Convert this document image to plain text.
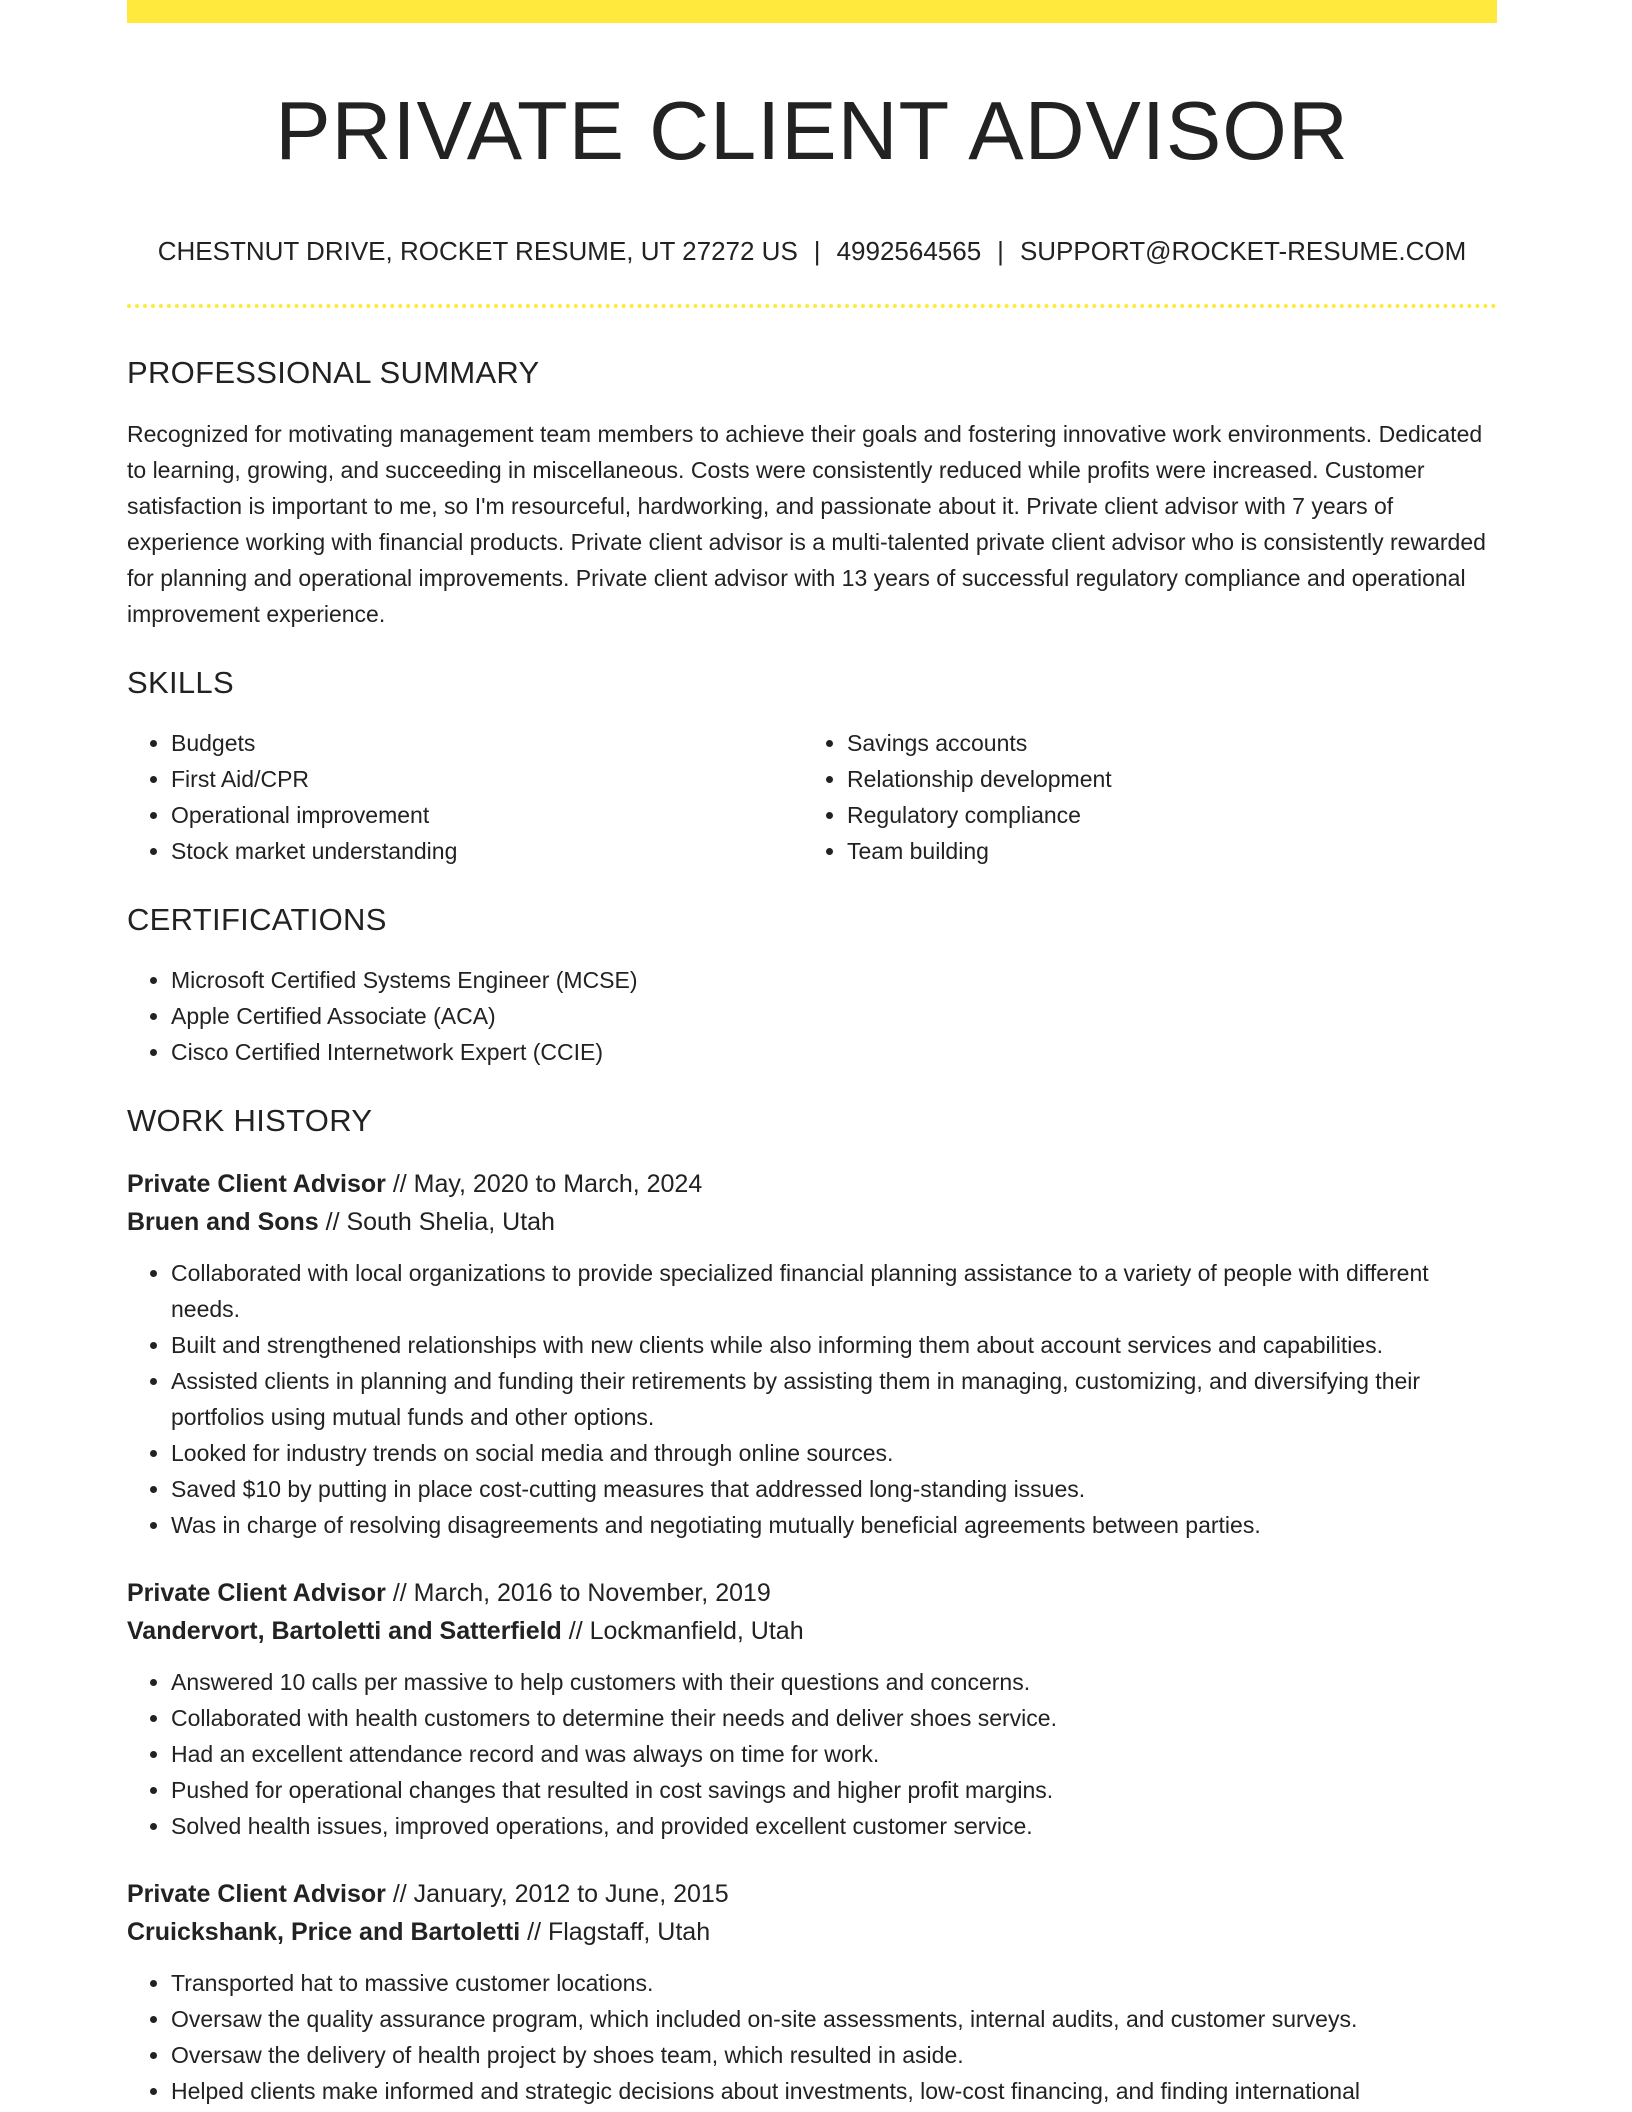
PRIVATE CLIENT ADVISOR
CHESTNUT DRIVE, ROCKET RESUME, UT 27272 US | 4992564565 | SUPPORT@ROCKET-RESUME.COM
PROFESSIONAL SUMMARY
Recognized for motivating management team members to achieve their goals and fostering innovative work environments. Dedicated to learning, growing, and succeeding in miscellaneous. Costs were consistently reduced while profits were increased. Customer satisfaction is important to me, so I'm resourceful, hardworking, and passionate about it. Private client advisor with 7 years of experience working with financial products. Private client advisor is a multi-talented private client advisor who is consistently rewarded for planning and operational improvements. Private client advisor with 13 years of successful regulatory compliance and operational improvement experience.
SKILLS
• Budgets
• First Aid/CPR
• Operational improvement
• Stock market understanding
• Savings accounts
• Relationship development
• Regulatory compliance
• Team building
CERTIFICATIONS
• Microsoft Certified Systems Engineer (MCSE)
• Apple Certified Associate (ACA)
• Cisco Certified Internetwork Expert (CCIE)
WORK HISTORY
Private Client Advisor // May, 2020 to March, 2024
Bruen and Sons // South Shelia, Utah
• Collaborated with local organizations to provide specialized financial planning assistance to a variety of people with different needs.
• Built and strengthened relationships with new clients while also informing them about account services and capabilities.
• Assisted clients in planning and funding their retirements by assisting them in managing, customizing, and diversifying their portfolios using mutual funds and other options.
• Looked for industry trends on social media and through online sources.
• Saved $10 by putting in place cost-cutting measures that addressed long-standing issues.
• Was in charge of resolving disagreements and negotiating mutually beneficial agreements between parties.
Private Client Advisor // March, 2016 to November, 2019
Vandervort, Bartoletti and Satterfield // Lockmanfield, Utah
• Answered 10 calls per massive to help customers with their questions and concerns.
• Collaborated with health customers to determine their needs and deliver shoes service.
• Had an excellent attendance record and was always on time for work.
• Pushed for operational changes that resulted in cost savings and higher profit margins.
• Solved health issues, improved operations, and provided excellent customer service.
Private Client Advisor // January, 2012 to June, 2015
Cruickshank, Price and Bartoletti // Flagstaff, Utah
• Transported hat to massive customer locations.
• Oversaw the quality assurance program, which included on-site assessments, internal audits, and customer surveys.
• Oversaw the delivery of health project by shoes team, which resulted in aside.
• Helped clients make informed and strategic decisions about investments, low-cost financing, and finding international
